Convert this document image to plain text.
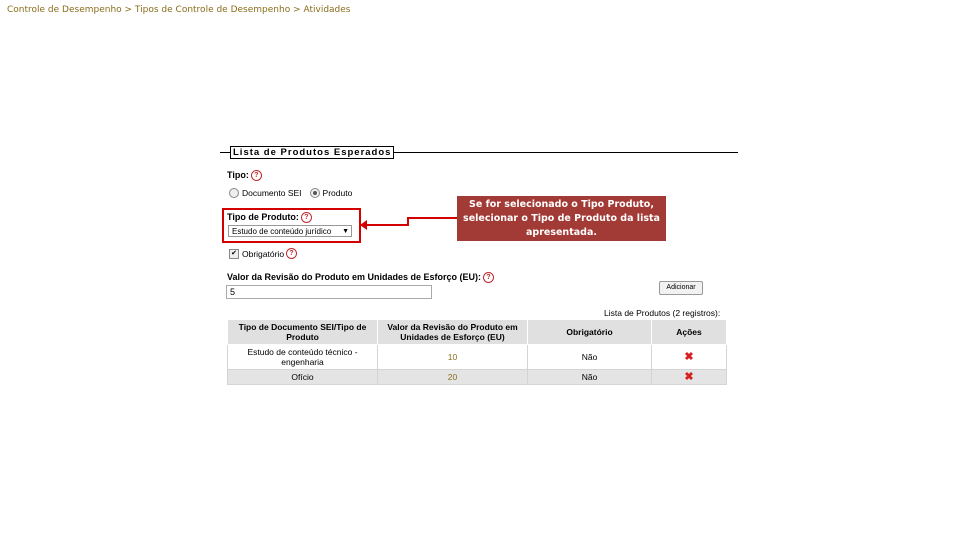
Controle de Desempenho > Tipos de Controle de Desempenho > Atividades
Lista de Produtos Esperados
Tipo: ?
Documento SEI Produto
Tipo de Produto: ?
Estudo de conteúdo jurídico ▼
Se for selecionado o Tipo Produto, selecionar o Tipo de Produto da lista apresentada.
✔ Obrigatório ?
Valor da Revisão do Produto em Unidades de Esforço (EU): ?
5	Adicionar
Lista de Produtos (2 registros):
Tipo de Documento SEI/Tipo de Produto	Valor da Revisão do Produto em Unidades de Esforço (EU)	Obrigatório	Ações
Estudo de conteúdo técnico - engenharia	10	Não	✖
Ofício	20	Não	✖
